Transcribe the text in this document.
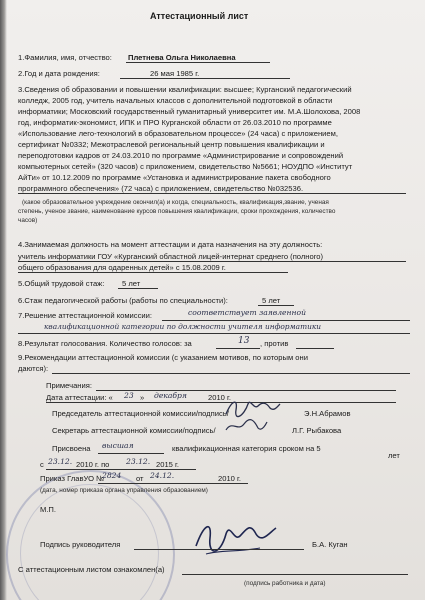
Аттестационный лист
1.Фамилия, имя, отчество: Плетнева Ольга Николаевна
2.Год и дата рождения:	26 мая 1985 г.
3.Сведения об образовании и повышении квалификации: высшее; Курганский педагогический
колледж, 2005 год, учитель начальных классов с дополнительной подготовкой в области
информатики; Московский государственный гуманитарный университет им. М.А.Шолохова, 2008
год, информатик-экономист, ИПК и ПРО Курганской области от 26.03.2010 по программе
«Использование лего-технологий в образовательном процессе» (24 часа) с приложением,
сертификат №0332; Межотраслевой региональный центр повышения квалификации и
переподготовки кадров от 24.03.2010 по программе «Администрирование и сопровождений
компьютерных сетей» (320 часов) с приложением, свидетельство №5661; НОУДПО «Институт
АйТи» от 10.12.2009 по программе «Установка и администрирование пакета свободного
программного обеспечения» (72 часа) с приложением, свидетельство №032536.
(какое образовательное учреждение окончил(а) и когда, специальность, квалификация,звание, ученая
степень, ученое звание, наименование курсов повышения квалификации, сроки прохождения, количество
часов)
4.Занимаемая должность на момент аттестации и дата назначения на эту должность:
учитель информатики ГОУ «Курганский областной лицей-интернат среднего (полного)
общего образования для одаренных детей» с 15.08.2009 г.
5.Общий трудовой стаж: 5 лет
6.Стаж педагогической работы (работы по специальности):	5 лет
7.Решение аттестационной комиссии:	соответствует заявленной
квалификационной категории по должности учителя информатики
8.Результат голосования. Количество голосов: за	13 , против
9.Рекомендации аттестационной комиссии (с указанием мотивов, по которым они
даются):
Примечания:
Дата аттестации: « 23 » декабря	2010 г.
Председатель аттестационной комиссии/подпись/	Э.Н.Абрамов
Секретарь аттестационной комиссии/подпись/	Л.Г. Рыбакова
Присвоена высшая	квалификационная категория сроком на 5
лет
с 23.12. 2010 г. по 23.12. 2015 г.
Приказ ГлавУО №
2824 от 24.12.	2010 г.
(дата, номер приказа органа управления образованием)
М.П.
Подпись руководителя	Б.А. Куган
С аттестационным листом ознакомлен(а)
(подпись работника и дата)
